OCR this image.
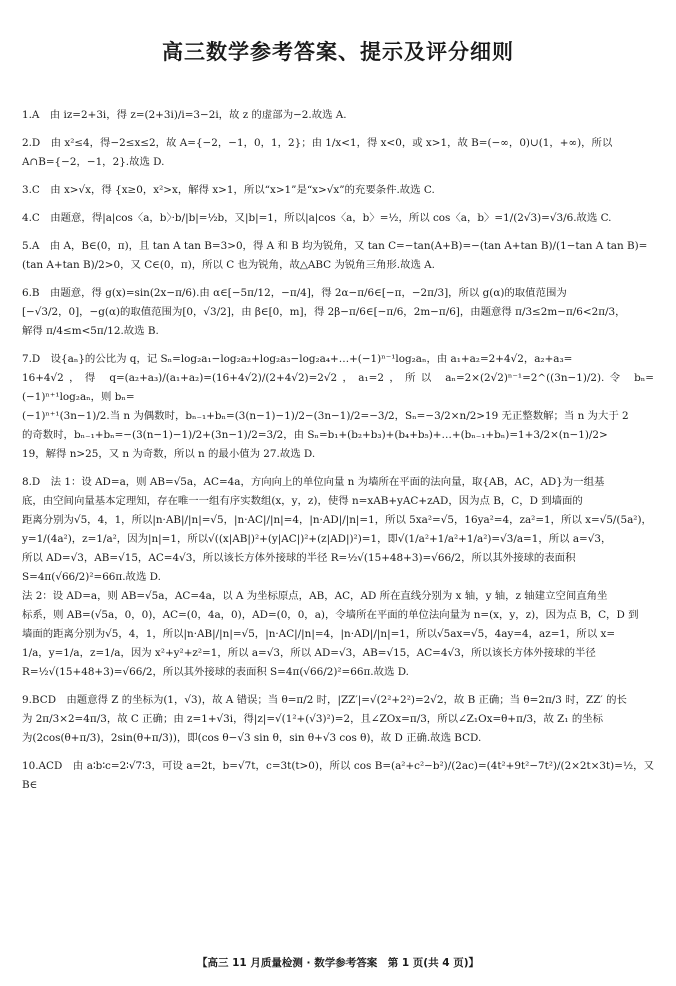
高三数学参考答案、提示及评分细则

1.A　由 iz=2+3i，得 z=(2+3i)/i=3−2i，故 z 的虚部为−2.故选 A.

2.D　由 x²≤4，得−2≤x≤2，故 A={−2，−1，0，1，2}；由 1/x<1，得 x<0，或 x>1，故 B=(−∞，0)∪(1，+∞)，所以

A∩B={−2，−1，2}.故选 D.

3.C　由 x>√x，得 {x≥0，x²>x，解得 x>1，所以“x>1”是“x>√x”的充要条件.故选 C.

4.C　由题意，得|a|cos〈a，b〉·b/|b|=½b，又|b|=1，所以|a|cos〈a，b〉=½，所以 cos〈a，b〉=1/(2√3)=√3/6.故选 C.

5.A　由 A，B∈(0，π)，且 tan A tan B=3>0，得 A 和 B 均为锐角，又 tan C=−tan(A+B)=−(tan A+tan B)/(1−tan A tan B)=

(tan A+tan B)/2>0，又 C∈(0，π)，所以 C 也为锐角，故△ABC 为锐角三角形.故选 A.

6.B　由题意，得 g(x)=sin(2x−π/6).由 α∈[−5π/12，−π/4]，得 2α−π/6∈[−π，−2π/3]，所以 g(α)的取值范围为

[−√3/2，0]，−g(α)的取值范围为[0，√3/2]，由 β∈[0，m]，得 2β−π/6∈[−π/6，2m−π/6]，由题意得 π/3≤2m−π/6<2π/3，

解得 π/4≤m<5π/12.故选 B.

7.D　设{aₙ}的公比为 q，记 Sₙ=log₂a₁−log₂a₂+log₂a₃−log₂a₄+…+(−1)ⁿ⁻¹log₂aₙ，由 a₁+a₂=2+4√2，a₂+a₃=

16+4√2，得 q=(a₂+a₃)/(a₁+a₂)=(16+4√2)/(2+4√2)=2√2，a₁=2，所以 aₙ=2×(2√2)ⁿ⁻¹=2^((3n−1)/2).令 bₙ=(−1)ⁿ⁺¹log₂aₙ，则 bₙ=

(−1)ⁿ⁺¹(3n−1)/2.当 n 为偶数时，bₙ₋₁+bₙ=(3(n−1)−1)/2−(3n−1)/2=−3/2，Sₙ=−3/2×n/2>19 无正整数解；当 n 为大于 2

的奇数时，bₙ₋₁+bₙ=−(3(n−1)−1)/2+(3n−1)/2=3/2，由 Sₙ=b₁+(b₂+b₃)+(b₄+b₅)+…+(bₙ₋₁+bₙ)=1+3/2×(n−1)/2>

19，解得 n>25，又 n 为奇数，所以 n 的最小值为 27.故选 D.

8.D　法 1：设 AD=a，则 AB=√5a，AC=4a，方向向上的单位向量 n 为墙所在平面的法向量，取{AB，AC，AD}为一组基

底，由空间向量基本定理知，存在唯一一组有序实数组(x，y，z)，使得 n=xAB+yAC+zAD，因为点 B，C，D 到墙面的

距离分别为√5，4，1，所以|n·AB|/|n|=√5，|n·AC|/|n|=4，|n·AD|/|n|=1，所以 5xa²=√5，16ya²=4，za²=1，所以 x=√5/(5a²)，

y=1/(4a²)，z=1/a²，因为|n|=1，所以√((x|AB|)²+(y|AC|)²+(z|AD|)²)=1，即√(1/a²+1/a²+1/a²)=√3/a=1，所以 a=√3，

所以 AD=√3，AB=√15，AC=4√3，所以该长方体外接球的半径 R=½√(15+48+3)=√66/2，所以其外接球的表面积

S=4π(√66/2)²=66π.故选 D.

法 2：设 AD=a，则 AB=√5a，AC=4a，以 A 为坐标原点，AB，AC，AD 所在直线分别为 x 轴，y 轴，z 轴建立空间直角坐

标系，则 AB=(√5a，0，0)，AC=(0，4a，0)，AD=(0，0，a)，令墙所在平面的单位法向量为 n=(x，y，z)，因为点 B，C，D 到

墙面的距离分别为√5，4，1，所以|n·AB|/|n|=√5，|n·AC|/|n|=4，|n·AD|/|n|=1，所以√5ax=√5，4ay=4，az=1，所以 x=

1/a，y=1/a，z=1/a，因为 x²+y²+z²=1，所以 a=√3，所以 AD=√3，AB=√15，AC=4√3，所以该长方体外接球的半径

R=½√(15+48+3)=√66/2，所以其外接球的表面积 S=4π(√66/2)²=66π.故选 D.

9.BCD　由题意得 Z 的坐标为(1，√3)，故 A 错误；当 θ=π/2 时，|ZZ′|=√(2²+2²)=2√2，故 B 正确；当 θ=2π/3 时，ZZ′ 的长

为 2π/3×2=4π/3，故 C 正确；由 z=1+√3i，得|z|=√(1²+(√3)²)=2，且∠ZOx=π/3，所以∠Z₁Ox=θ+π/3，故 Z₁ 的坐标

为(2cos(θ+π/3)，2sin(θ+π/3))，即(cos θ−√3 sin θ，sin θ+√3 cos θ)，故 D 正确.故选 BCD.

10.ACD　由 a∶b∶c=2∶√7∶3，可设 a=2t，b=√7t，c=3t(t>0)，所以 cos B=(a²+c²−b²)/(2ac)=(4t²+9t²−7t²)/(2×2t×3t)=½，又 B∈

【高三 11 月质量检测 · 数学参考答案　第 1 页(共 4 页)】
